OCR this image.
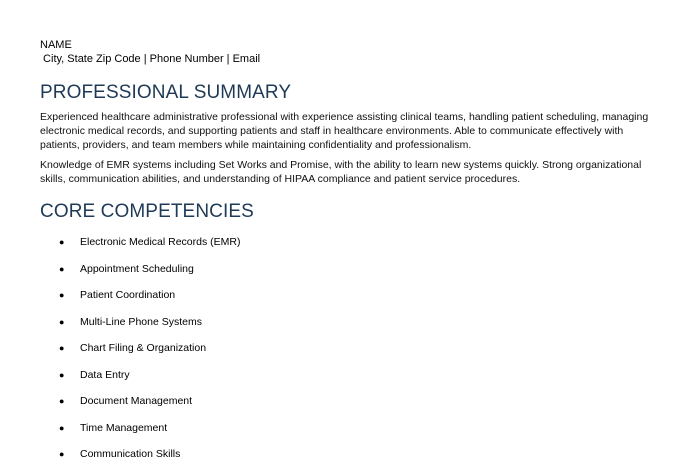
NAME
City, State Zip Code | Phone Number | Email
PROFESSIONAL SUMMARY
Experienced healthcare administrative professional with experience assisting clinical teams, handling patient scheduling, managing electronic medical records, and supporting patients and staff in healthcare environments. Able to communicate effectively with patients, providers, and team members while maintaining confidentiality and professionalism.
Knowledge of EMR systems including Set Works and Promise, with the ability to learn new systems quickly. Strong organizational skills, communication abilities, and understanding of HIPAA compliance and patient service procedures.
CORE COMPETENCIES
● Electronic Medical Records (EMR)
● Appointment Scheduling
● Patient Coordination
● Multi-Line Phone Systems
● Chart Filing & Organization
● Data Entry
● Document Management
● Time Management
● Communication Skills
